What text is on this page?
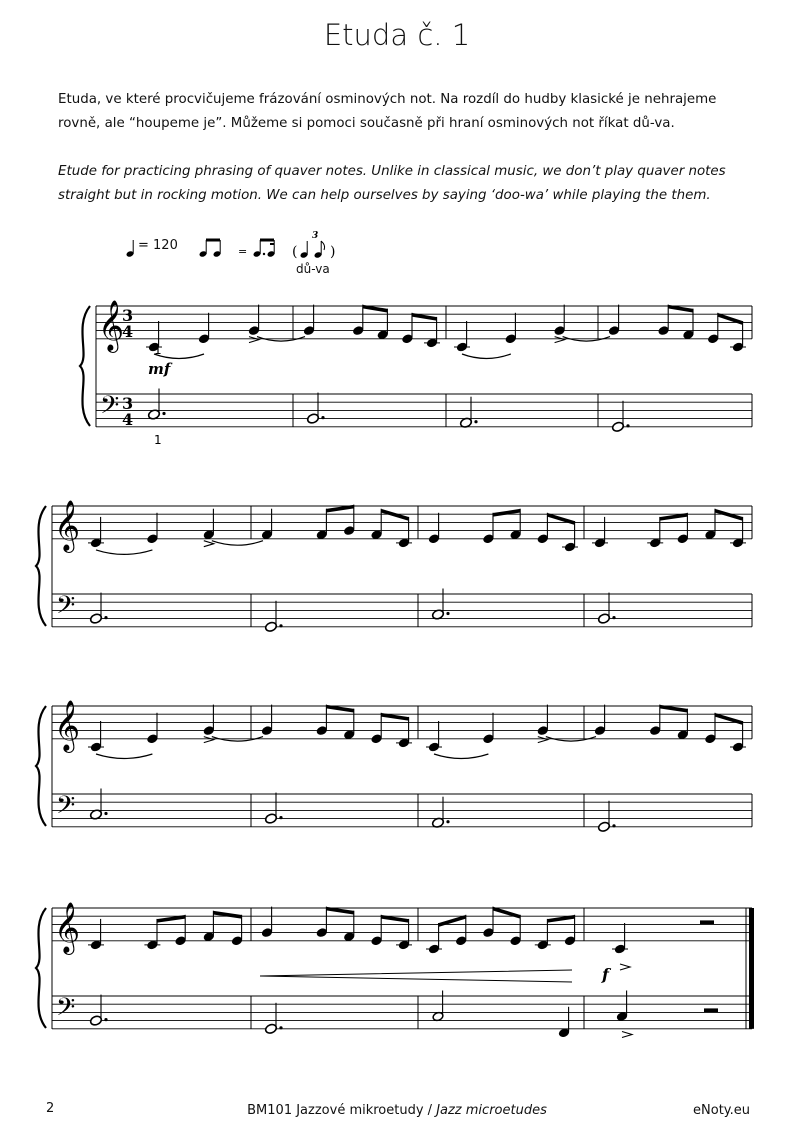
Etuda č. 1
Etuda, ve které procvičujeme frázování osminových not. Na rozdíl do hudby klasické je nehrajeme rovně, ale “houpeme je”. Můžeme si pomoci současně při hraní osminových not říkat dů-va.
Etude for practicing phrasing of quaver notes. Unlike in classical music, we don’t play quaver notes straight but in rocking motion. We can help ourselves by saying ‘doo-wa’ while playing the them.
= 120
dů-va
=	(
3
)
𝄞
𝄢
3
4
3
4
1
mf
1
𝄞
𝄢
𝄞
𝄢
𝄞
𝄢
f
2	BM101 Jazzové mikroetudy / Jazz microetudes	eNoty.eu
